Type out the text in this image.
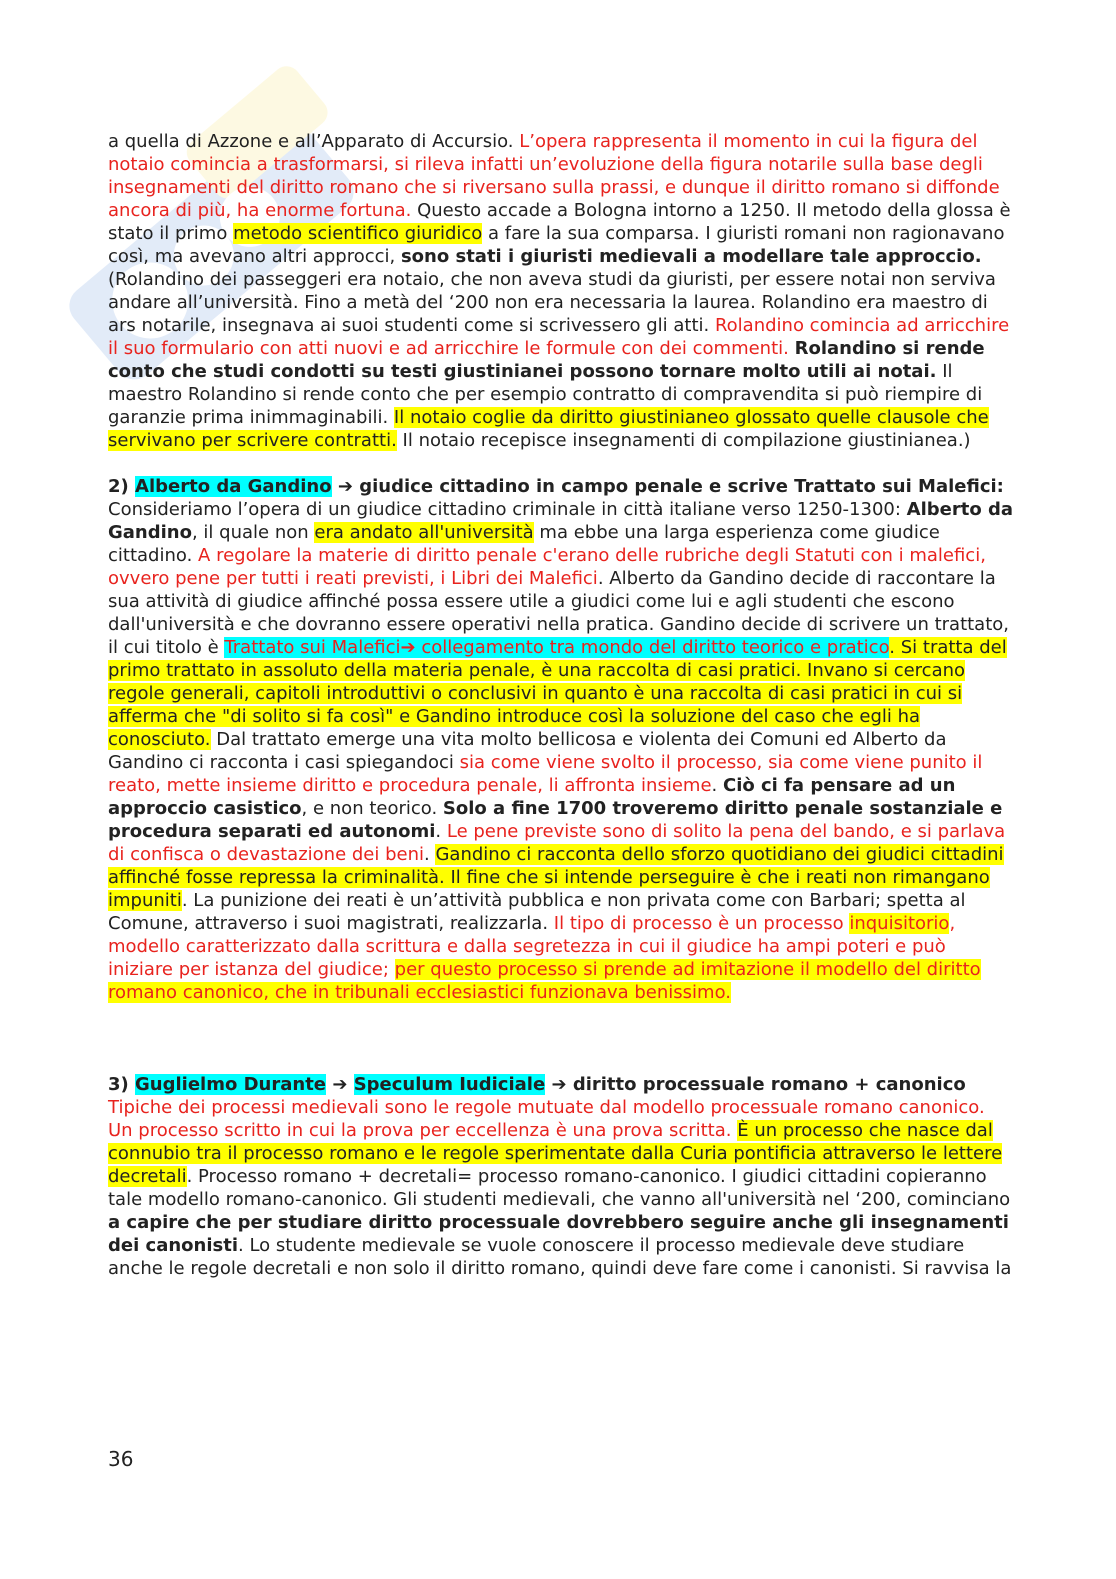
a quella di Azzone e all’Apparato di Accursio. L’opera rappresenta il momento in cui la figura del notaio comincia a trasformarsi, si rileva infatti un’evoluzione della figura notarile sulla base degli insegnamenti del diritto romano che si riversano sulla prassi, e dunque il diritto romano si diffonde ancora di più, ha enorme fortuna. Questo accade a Bologna intorno a 1250. Il metodo della glossa è stato il primo metodo scientifico giuridico a fare la sua comparsa. I giuristi romani non ragionavano così, ma avevano altri approcci, sono stati i giuristi medievali a modellare tale approccio.

(Rolandino dei passeggeri era notaio, che non aveva studi da giuristi, per essere notai non serviva andare all’università. Fino a metà del ‘200 non era necessaria la laurea. Rolandino era maestro di ars notarile, insegnava ai suoi studenti come si scrivessero gli atti. Rolandino comincia ad arricchire il suo formulario con atti nuovi e ad arricchire le formule con dei commenti. Rolandino si rende conto che studi condotti su testi giustinianei possono tornare molto utili ai notai. Il maestro Rolandino si rende conto che per esempio contratto di compravendita si può riempire di garanzie prima inimmaginabili. Il notaio coglie da diritto giustinianeo glossato quelle clausole che servivano per scrivere contratti. Il notaio recepisce insegnamenti di compilazione giustinianea.)

2) Alberto da Gandino ➔ giudice cittadino in campo penale e scrive Trattato sui Malefici:

Consideriamo l’opera di un giudice cittadino criminale in città italiane verso 1250-1300: Alberto da Gandino, il quale non era andato all'università ma ebbe una larga esperienza come giudice cittadino. A regolare la materie di diritto penale c'erano delle rubriche degli Statuti con i malefici, ovvero pene per tutti i reati previsti, i Libri dei Malefici. Alberto da Gandino decide di raccontare la sua attività di giudice affinché possa essere utile a giudici come lui e agli studenti che escono dall'università e che dovranno essere operativi nella pratica. Gandino decide di scrivere un trattato, il cui titolo è Trattato sui Malefici➔ collegamento tra mondo del diritto teorico e pratico. Si tratta del primo trattato in assoluto della materia penale, è una raccolta di casi pratici. Invano si cercano regole generali, capitoli introduttivi o conclusivi in quanto è una raccolta di casi pratici in cui si afferma che "di solito si fa così" e Gandino introduce così la soluzione del caso che egli ha conosciuto. Dal trattato emerge una vita molto bellicosa e violenta dei Comuni ed Alberto da Gandino ci racconta i casi spiegandoci sia come viene svolto il processo, sia come viene punito il reato, mette insieme diritto e procedura penale, li affronta insieme. Ciò ci fa pensare ad un approccio casistico, e non teorico. Solo a fine 1700 troveremo diritto penale sostanziale e procedura separati ed autonomi. Le pene previste sono di solito la pena del bando, e si parlava di confisca o devastazione dei beni. Gandino ci racconta dello sforzo quotidiano dei giudici cittadini affinché fosse repressa la criminalità. Il fine che si intende perseguire è che i reati non rimangano impuniti. La punizione dei reati è un’attività pubblica e non privata come con Barbari; spetta al Comune, attraverso i suoi magistrati, realizzarla. Il tipo di processo è un processo inquisitorio, modello caratterizzato dalla scrittura e dalla segretezza in cui il giudice ha ampi poteri e può iniziare per istanza del giudice; per questo processo si prende ad imitazione il modello del diritto romano canonico, che in tribunali ecclesiastici funzionava benissimo.

3) Guglielmo Durante ➔ Speculum Iudiciale ➔ diritto processuale romano + canonico

Tipiche dei processi medievali sono le regole mutuate dal modello processuale romano canonico. Un processo scritto in cui la prova per eccellenza è una prova scritta. È un processo che nasce dal connubio tra il processo romano e le regole sperimentate dalla Curia pontificia attraverso le lettere decretali. Processo romano + decretali= processo romano-canonico. I giudici cittadini copieranno tale modello romano-canonico. Gli studenti medievali, che vanno all'università nel ‘200, cominciano a capire che per studiare diritto processuale dovrebbero seguire anche gli insegnamenti dei canonisti. Lo studente medievale se vuole conoscere il processo medievale deve studiare anche le regole decretali e non solo il diritto romano, quindi deve fare come i canonisti. Si ravvisa la

36
